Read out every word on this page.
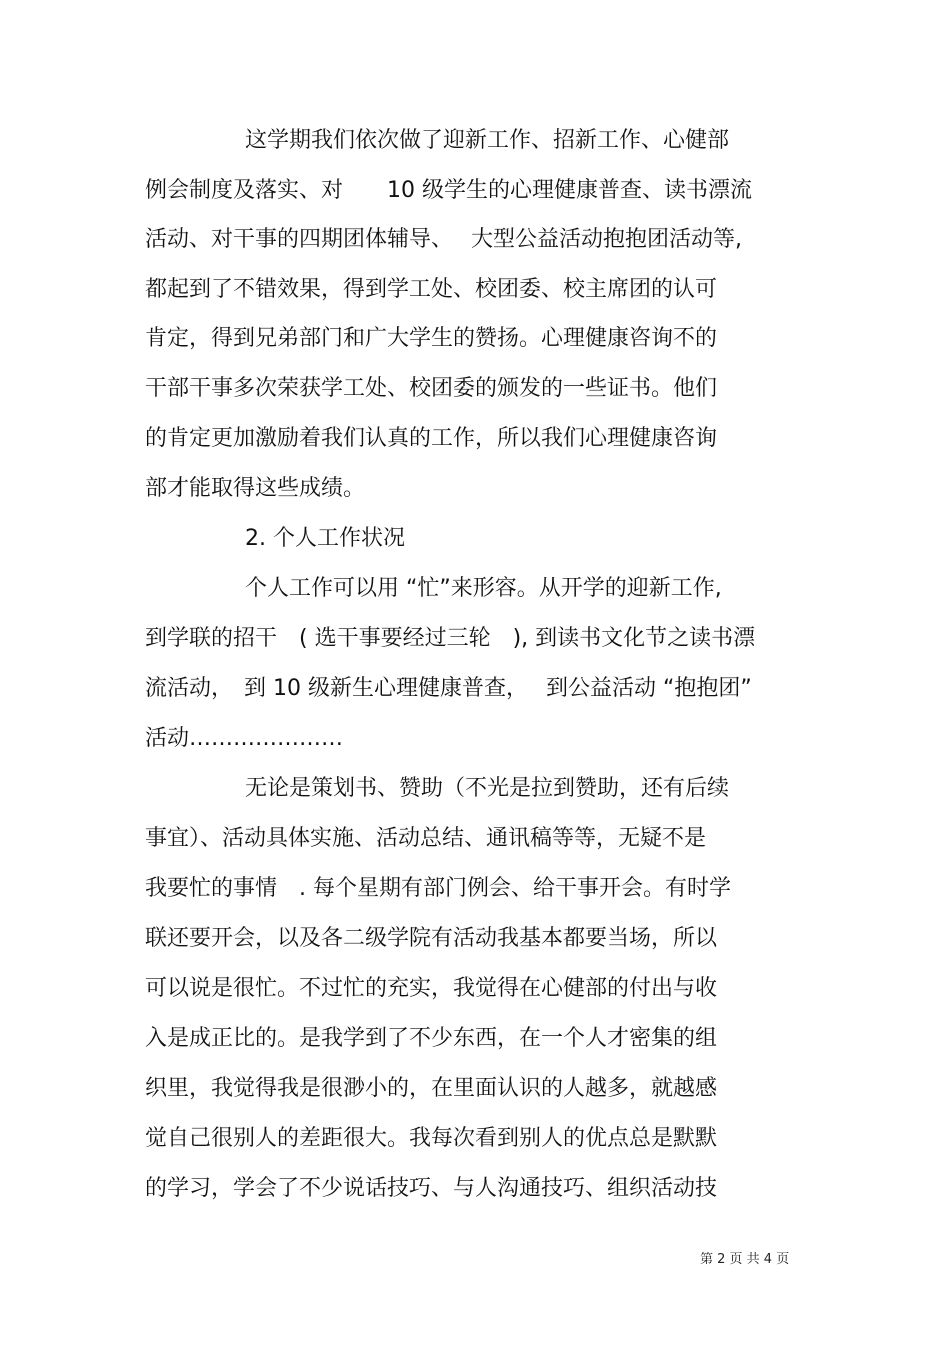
这学期我们依次做了迎新工作、招新工作、心健部
例会制度及落实、对　　10 级学生的心理健康普查、读书漂流
活动、对干事的四期团体辅导、　 大型公益活动抱抱团活动等,
都起到了不错效果，得到学工处、校团委、校主席团的认可
肯定，得到兄弟部门和广大学生的赞扬。心理健康咨询不的
干部干事多次荣获学工处、校团委的颁发的一些证书。他们
的肯定更加激励着我们认真的工作，所以我们心理健康咨询
部才能取得这些成绩。
2. 个人工作状况
个人工作可以用 “忙”来形容。从开学的迎新工作,
到学联的招干　( 选干事要经过三轮　), 到读书文化节之读书漂
流活动，　到 10 级新生心理健康普查，　 到公益活动 “抱抱团”
活动…………………
无论是策划书、赞助（不光是拉到赞助，还有后续
事宜）、活动具体实施、活动总结、通讯稿等等，无疑不是
我要忙的事情　. 每个星期有部门例会、给干事开会。有时学
联还要开会，以及各二级学院有活动我基本都要当场，所以
可以说是很忙。不过忙的充实，我觉得在心健部的付出与收
入是成正比的。是我学到了不少东西，在一个人才密集的组
织里，我觉得我是很渺小的，在里面认识的人越多，就越感
觉自己很别人的差距很大。我每次看到别人的优点总是默默
的学习，学会了不少说话技巧、与人沟通技巧、组织活动技
第 2 页 共 4 页
